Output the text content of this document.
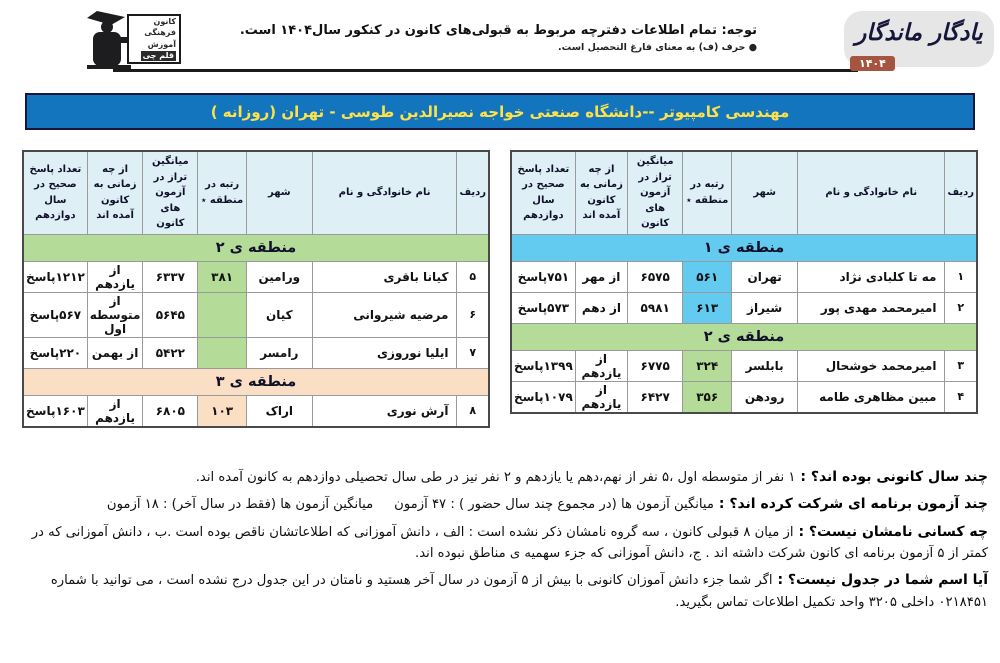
کانون
فرهنگی
آموزش
قلم چی
توجه: تمام اطلاعات دفترچه مربوط به قبولی‌های کانون در کنکور سال۱۴۰۴ است.
● حرف (ف) به معنای فارغ التحصیل است.
یادگار ماندگار
۱۴۰۴
مهندسی کامپیوتر --دانشگاه صنعتی خواجه نصیرالدین طوسی - تهران (روزانه )
ردیف	نام خانوادگی و نام	شهر	رتبه در منطقه ٭	میانگین تراز در آزمون های کانون	از چه زمانی به کانون آمده اند	تعداد پاسخ صحیح در سال دوازدهم
منطقه ی ۱						
۱	مه تا کلبادی نژاد	تهران	۵۶۱	۶۵۷۵	از مهر	۷۵۱پاسخ
۲	امیرمحمد مهدی پور	شیراز	۶۱۳	۵۹۸۱	از دهم	۵۷۳پاسخ
منطقه ی ۲						
۳	امیرمحمد خوشحال	بابلسر	۳۲۴	۶۷۷۵	از یازدهم	۱۳۹۹پاسخ
۴	مبین مظاهری طامه	رودهن	۳۵۶	۶۴۲۷	از یازدهم	۱۰۷۹پاسخ
ردیف	نام خانوادگی و نام	شهر	رتبه در منطقه ٭	میانگین تراز در آزمون های کانون	از چه زمانی به کانون آمده اند	تعداد پاسخ صحیح در سال دوازدهم
منطقه ی ۲						
۵	کیانا باقری	ورامین	۳۸۱	۶۳۳۷	از یازدهم	۱۲۱۲پاسخ
۶	مرضیه شیروانی	کیان		۵۶۴۵	از متوسطه اول	۵۶۷پاسخ
۷	ایلیا نوروزی	رامسر		۵۴۲۲	از بهمن	۲۲۰پاسخ
منطقه ی ۳						
۸	آرش نوری	اراک	۱۰۳	۶۸۰۵	از یازدهم	۱۶۰۳پاسخ

چند سال کانونی بوده اند؟ : ۱ نفر از متوسطه اول ،۵ نفر از نهم،دهم یا یازدهم و ۲ نفر نیز در طی سال تحصیلی دوازدهم به کانون آمده اند.

چند آزمون برنامه ای شرکت کرده اند؟ : میانگین آزمون ها (در مجموع چند سال حضور ) : ۴۷ آزمون     میانگین آزمون ها (فقط در سال آخر) : ۱۸ آزمون

چه کسانی نامشان نیست؟ : از میان ۸ قبولی کانون ، سه گروه نامشان ذکر نشده است : الف ، دانش آموزانی که اطلاعاتشان ناقص بوده است .ب ، دانش آموزانی که در کمتر از ۵ آزمون برنامه ای کانون شرکت داشته اند . ج، دانش آموزانی که جزء سهمیه ی مناطق نبوده اند.

آیا اسم شما در جدول نیست؟ : اگر شما جزء دانش آموزان کانونی با بیش از ۵ آزمون در سال آخر هستید و نامتان در این جدول درج نشده است ، می توانید با شماره ۰۲۱۸۴۵۱ داخلی ۳۲۰۵ واحد تکمیل اطلاعات تماس بگیرید.
